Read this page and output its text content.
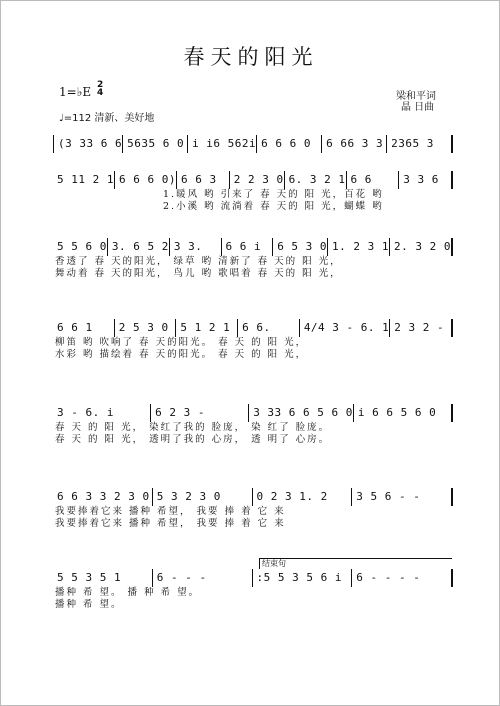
春天的阳光
1=♭E 2
4
♩=112 清新、美好地
梁和平词
晶 日曲
(3 33 6 6 5635 6 0 i i6 562i 6 6 6 0	6 66 3 3 2365 3
5 11 2 1 6 6 6 0) 6 6 3	2 2 3 0 6. 3 2 1 6 6	3 3 6
1.暖风 哟 引来了 春 天的 阳 光，百花 哟
2.小溪 哟 流淌着 春 天的 阳 光，蝴蝶 哟
5 5 6 0 3. 6 5 2 3 3.	6 6 i	6 5 3 0 1. 2 3 1 2. 3 2 0
香透了 春 天的阳光， 绿草 哟 清新了 春 天的 阳 光，
舞动着 春 天的阳光， 鸟儿 哟 歌唱着 春 天的 阳 光，
6 6 1	2 5 3 0	5 1 2 1	6 6.	4/4 3 - 6. 1 2 3 2 -
柳笛 哟 吹响了 春 天的阳光。 春 天 的 阳 光，
水彩 哟 描绘着 春 天的阳光。 春 天 的 阳 光，
3 - 6. i	6 2 3 -	3 33 6 6 5 6 0 i 6 6 5 6 0
春 天 的 阳 光， 染红了我的 脸庞， 染 红了 脸庞。
春 天 的 阳 光， 透明了我的 心房， 透 明了 心房。
6 6 3 3 2 3 0 5 3 2 3 0	0 2 3 1. 2	3 5 6 - -
我要捧着它来 播种 希望， 我要 捧 着 它 来
我要捧着它来 播种 希望， 我要 捧 着 它 来
结束句
5 5 3 5 1	6 - - -	:5 5 3 5 6 i	6 - - - -
播种 希 望。 播 种 希 望。
播种 希 望。
